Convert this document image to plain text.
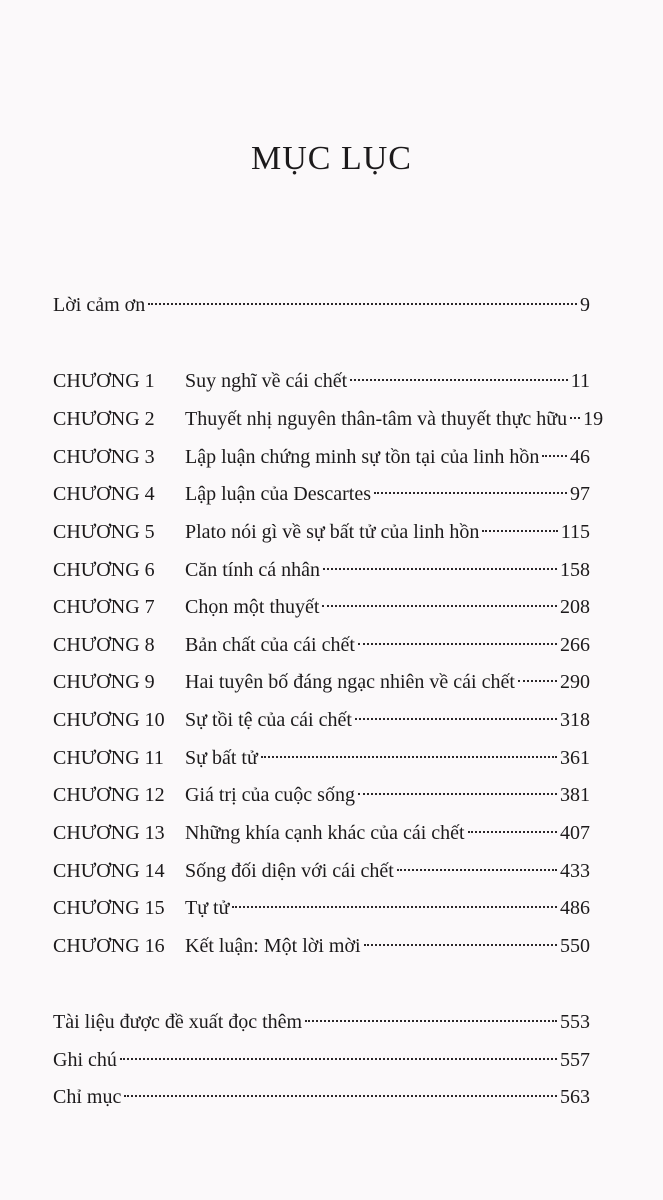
MỤC LỤC
Lời cảm ơn	9
CHƯƠNG 1	Suy nghĩ về cái chết	11
CHƯƠNG 2	Thuyết nhị nguyên thân-tâm và thuyết thực hữu 19
CHƯƠNG 3	Lập luận chứng minh sự tồn tại của linh hồn 46
CHƯƠNG 4	Lập luận của Descartes	97
CHƯƠNG 5	Plato nói gì về sự bất tử của linh hồn	115
CHƯƠNG 6	Căn tính cá nhân	158
CHƯƠNG 7	Chọn một thuyết	208
CHƯƠNG 8	Bản chất của cái chết	266
CHƯƠNG 9	Hai tuyên bố đáng ngạc nhiên về cái chết 290
CHƯƠNG 10	Sự tồi tệ của cái chết	318
CHƯƠNG 11	Sự bất tử	361
CHƯƠNG 12	Giá trị của cuộc sống	381
CHƯƠNG 13	Những khía cạnh khác của cái chết	407
CHƯƠNG 14	Sống đối diện với cái chết	433
CHƯƠNG 15	Tự tử	486
CHƯƠNG 16	Kết luận: Một lời mời	550
Tài liệu được đề xuất đọc thêm	553
Ghi chú	557
Chỉ mục	563
